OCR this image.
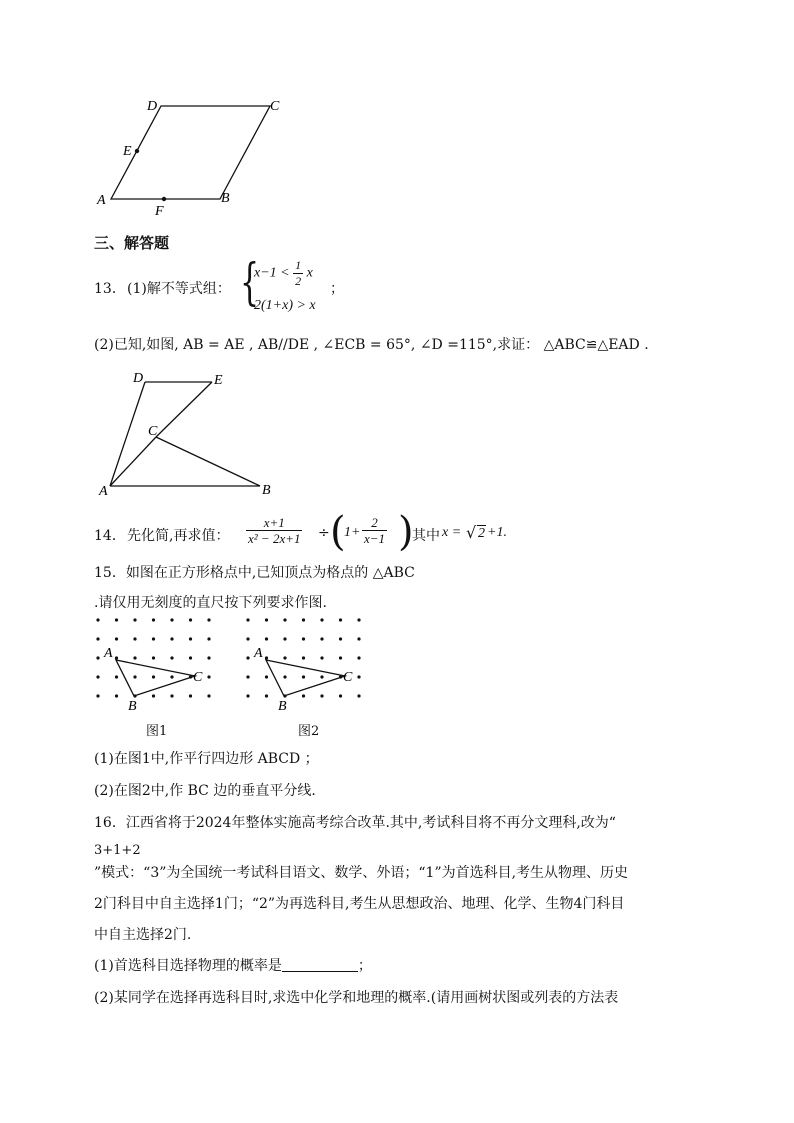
D	C
E
A
F
B
三、解答题
13． (1)解不等式组： {
$x-1 < \frac{1}{2}$ x
2(1+x) > x
；
(2)已知,如图, AB = AE , AB//DE , ∠ECB = 65°, ∠D =115°,求证： △ABC≌△EAD .
D	E
C
A	B
14． 先化简,再求值： $\frac{x+1}{\text{x² − 2x+1}}$ ÷ (
$1+ \frac{2}{x-1}$ )
其中 x = √ 2 +1.
15．如图在正方形格点中,已知顶点为格点的 △ABC
.请仅用无刻度的直尺按下列要求作图.
A
C
B
A
C
B
图1	图2
(1)在图1中,作平行四边形 ABCD ；
(2)在图2中,作 BC 边的垂直平分线.
16．江西省将于2024年整体实施高考综合改革.其中,考试科目将不再分文理科,改为“
3+1+2
”模式：“3”为全国统一考试科目语文、数学、外语；“1”为首选科目,考生从物理、历史
2门科目中自主选择1门；“2”为再选科目,考生从思想政治、地理、化学、生物4门科目
中自主选择2门.
(1)首选科目选择物理的概率是	；
(2)某同学在选择再选科目时,求选中化学和地理的概率.(请用画树状图或列表的方法表
